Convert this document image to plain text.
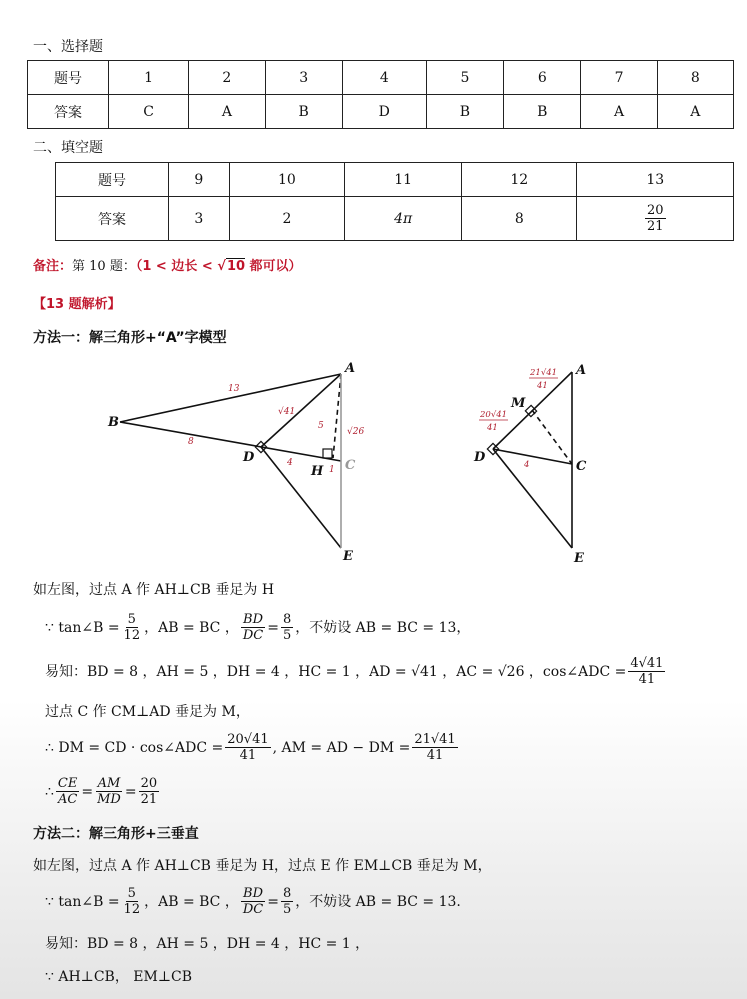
一、选择题
题号	1	2	3	4	5	6	7	8
答案	C	A	B	D	B	B	A	A
二、填空题
题号	9	10	11	12	13
答案	3	2	4π	8	$\frac{20}{21}$
备注：第 10 题：（1 < 边长 < √10 都可以）
【13 题解析】
方法一：解三角形+“A”字模型
A
B
C
D
E
H
13
8
4
5
√41
√26
1
A
C
D
E
M
21√41
41
20√41
41
4
如左图，过点 A 作 AH⊥CB 垂足为 H
∵ tan∠B = $\frac{5}{12}$ ，AB = BC ， $\frac{BD}{DC} = \frac{8}{5}$ ，不妨设 AB = BC = 13，
易知：BD = 8 ，AH = 5 ，DH = 4 ，HC = 1 ，AD = √41 ，AC = √26 ，cos∠ADC = $\frac{4√41}{41}$
过点 C 作 CM⊥AD 垂足为 M，
∴ DM = CD · cos∠ADC = $\frac{20√41}{41}$ , AM = AD − DM = $\frac{21√41}{41}$
∴ $\frac{CE}{AC} = \frac{AM}{MD} = \frac{20}{21}$
方法二：解三角形+三垂直
如左图，过点 A 作 AH⊥CB 垂足为 H，过点 E 作 EM⊥CB 垂足为 M，
∵ tan∠B = $\frac{5}{12}$ ，AB = BC ， $\frac{BD}{DC} = \frac{8}{5}$ ，不妨设 AB = BC = 13.
易知：BD = 8 ，AH = 5 ，DH = 4 ，HC = 1 ，
∵ AH⊥CB， EM⊥CB
